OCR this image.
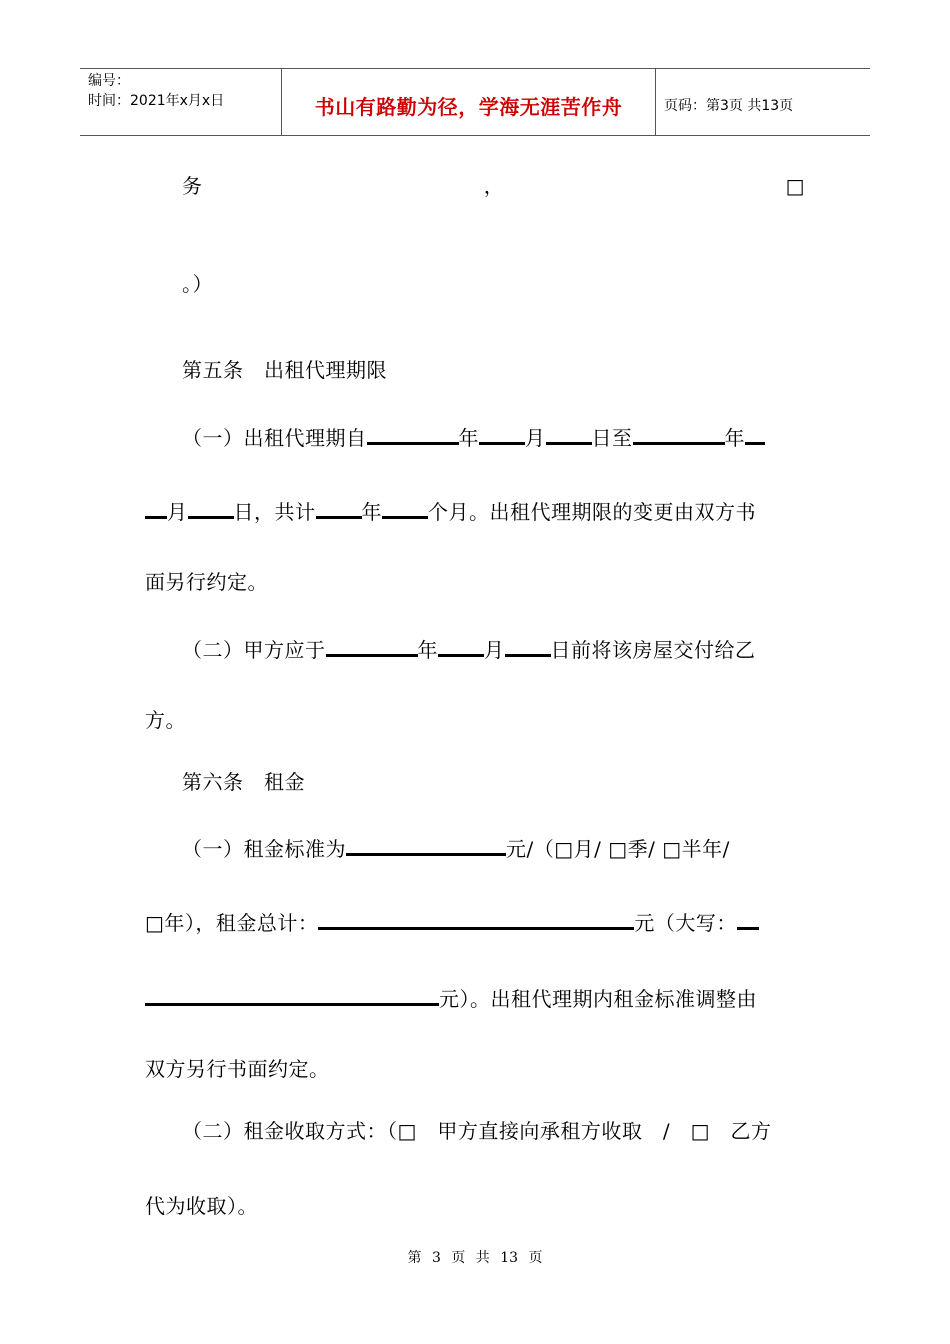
编号：
时间：2021年x月x日	书山有路勤为径，学海无涯苦作舟	页码：第3页 共13页
务	，	□
。）
第五条　出租代理期限
（一）出租代理期自	年 月 日至	年
月 日，共计 年 个月。出租代理期限的变更由双方书
面另行约定。
（二）甲方应于	年 月 日前将该房屋交付给乙
方。
第六条　租金
（一）租金标准为	元/（□月/ □季/ □半年/
□年），租金总计：	元（大写：
元）。出租代理期内租金标准调整由
双方另行书面约定。
（二）租金收取方式：（□　甲方直接向承租方收取　/　□　乙方
代为收取）。
第 3 页 共 13 页
